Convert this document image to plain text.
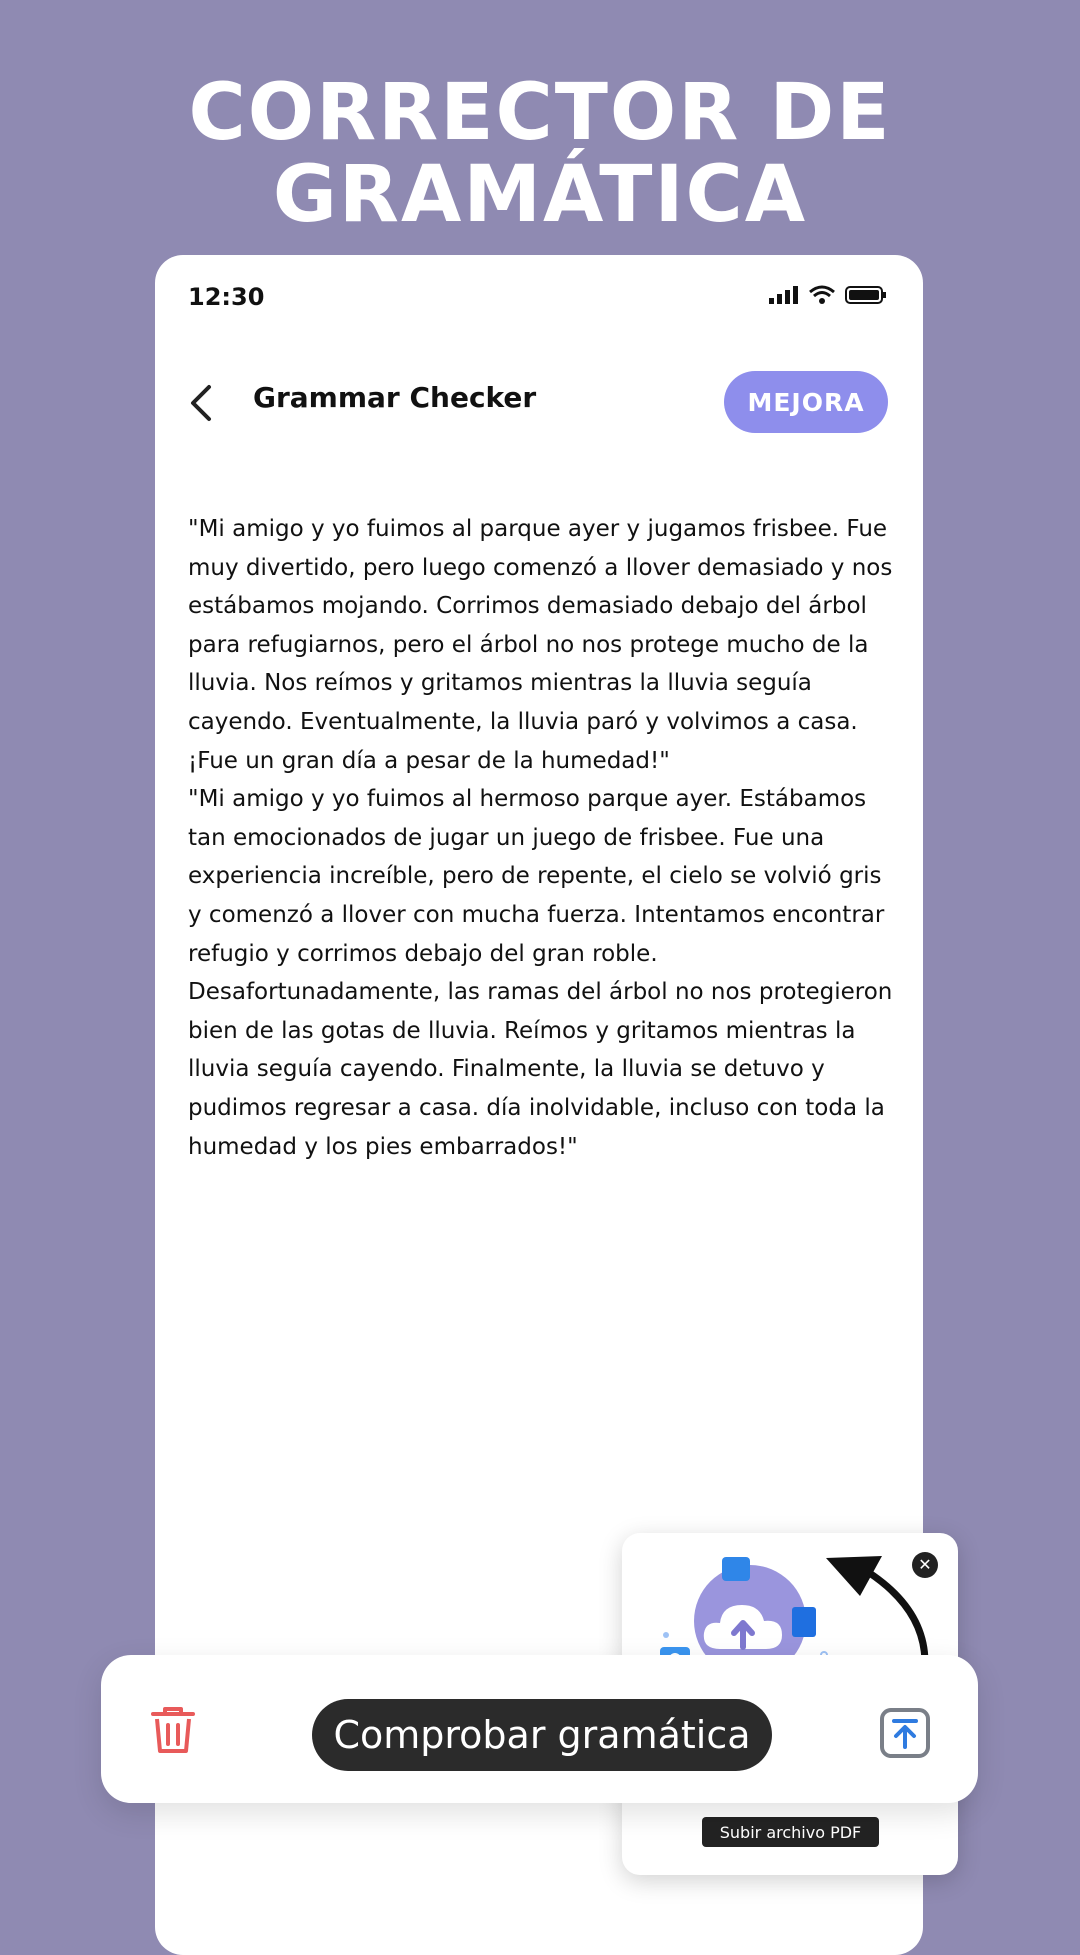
CORRECTOR DE
GRAMÁTICA
12:30
Grammar Checker	MEJORA

"Mi amigo y yo fuimos al parque ayer y jugamos frisbee. Fue muy divertido, pero luego comenzó a llover demasiado y nos estábamos mojando. Corrimos demasiado debajo del árbol para refugiarnos, pero el árbol no nos protege mucho de la lluvia. Nos reímos y gritamos mientras la lluvia seguía cayendo. Eventualmente, la lluvia paró y volvimos a casa. ¡Fue un gran día a pesar de la humedad!"

"Mi amigo y yo fuimos al hermoso parque ayer. Estábamos tan emocionados de jugar un juego de frisbee. Fue una experiencia increíble, pero de repente, el cielo se volvió gris y comenzó a llover con mucha fuerza. Intentamos encontrar refugio y corrimos debajo del gran roble. Desafortunadamente, las ramas del árbol no nos protegieron bien de las gotas de lluvia. Reímos y gritamos mientras la lluvia seguía cayendo. Finalmente, la lluvia se detuvo y pudimos regresar a casa. día inolvidable, incluso con toda la humedad y los pies embarrados!"

✕
Subir archivo PDF
Comprobar gramática
